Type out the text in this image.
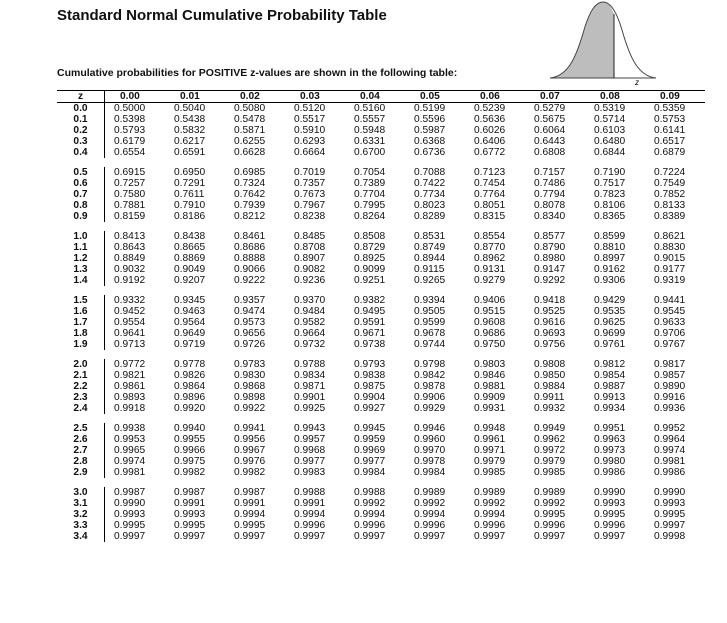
Standard Normal Cumulative Probability Table
z
Cumulative probabilities for POSITIVE z-values are shown in the following table:
z	0.00	0.01	0.02	0.03	0.04	0.05	0.06	0.07	0.08	0.09
0.0	0.5000	0.5040	0.5080	0.5120	0.5160	0.5199	0.5239	0.5279	0.5319	0.5359
0.1	0.5398	0.5438	0.5478	0.5517	0.5557	0.5596	0.5636	0.5675	0.5714	0.5753
0.2	0.5793	0.5832	0.5871	0.5910	0.5948	0.5987	0.6026	0.6064	0.6103	0.6141
0.3	0.6179	0.6217	0.6255	0.6293	0.6331	0.6368	0.6406	0.6443	0.6480	0.6517
0.4	0.6554	0.6591	0.6628	0.6664	0.6700	0.6736	0.6772	0.6808	0.6844	0.6879
0.5	0.6915	0.6950	0.6985	0.7019	0.7054	0.7088	0.7123	0.7157	0.7190	0.7224
0.6	0.7257	0.7291	0.7324	0.7357	0.7389	0.7422	0.7454	0.7486	0.7517	0.7549
0.7	0.7580	0.7611	0.7642	0.7673	0.7704	0.7734	0.7764	0.7794	0.7823	0.7852
0.8	0.7881	0.7910	0.7939	0.7967	0.7995	0.8023	0.8051	0.8078	0.8106	0.8133
0.9	0.8159	0.8186	0.8212	0.8238	0.8264	0.8289	0.8315	0.8340	0.8365	0.8389
1.0	0.8413	0.8438	0.8461	0.8485	0.8508	0.8531	0.8554	0.8577	0.8599	0.8621
1.1	0.8643	0.8665	0.8686	0.8708	0.8729	0.8749	0.8770	0.8790	0.8810	0.8830
1.2	0.8849	0.8869	0.8888	0.8907	0.8925	0.8944	0.8962	0.8980	0.8997	0.9015
1.3	0.9032	0.9049	0.9066	0.9082	0.9099	0.9115	0.9131	0.9147	0.9162	0.9177
1.4	0.9192	0.9207	0.9222	0.9236	0.9251	0.9265	0.9279	0.9292	0.9306	0.9319
1.5	0.9332	0.9345	0.9357	0.9370	0.9382	0.9394	0.9406	0.9418	0.9429	0.9441
1.6	0.9452	0.9463	0.9474	0.9484	0.9495	0.9505	0.9515	0.9525	0.9535	0.9545
1.7	0.9554	0.9564	0.9573	0.9582	0.9591	0.9599	0.9608	0.9616	0.9625	0.9633
1.8	0.9641	0.9649	0.9656	0.9664	0.9671	0.9678	0.9686	0.9693	0.9699	0.9706
1.9	0.9713	0.9719	0.9726	0.9732	0.9738	0.9744	0.9750	0.9756	0.9761	0.9767
2.0	0.9772	0.9778	0.9783	0.9788	0.9793	0.9798	0.9803	0.9808	0.9812	0.9817
2.1	0.9821	0.9826	0.9830	0.9834	0.9838	0.9842	0.9846	0.9850	0.9854	0.9857
2.2	0.9861	0.9864	0.9868	0.9871	0.9875	0.9878	0.9881	0.9884	0.9887	0.9890
2.3	0.9893	0.9896	0.9898	0.9901	0.9904	0.9906	0.9909	0.9911	0.9913	0.9916
2.4	0.9918	0.9920	0.9922	0.9925	0.9927	0.9929	0.9931	0.9932	0.9934	0.9936
2.5	0.9938	0.9940	0.9941	0.9943	0.9945	0.9946	0.9948	0.9949	0.9951	0.9952
2.6	0.9953	0.9955	0.9956	0.9957	0.9959	0.9960	0.9961	0.9962	0.9963	0.9964
2.7	0.9965	0.9966	0.9967	0.9968	0.9969	0.9970	0.9971	0.9972	0.9973	0.9974
2.8	0.9974	0.9975	0.9976	0.9977	0.9977	0.9978	0.9979	0.9979	0.9980	0.9981
2.9	0.9981	0.9982	0.9982	0.9983	0.9984	0.9984	0.9985	0.9985	0.9986	0.9986
3.0	0.9987	0.9987	0.9987	0.9988	0.9988	0.9989	0.9989	0.9989	0.9990	0.9990
3.1	0.9990	0.9991	0.9991	0.9991	0.9992	0.9992	0.9992	0.9992	0.9993	0.9993
3.2	0.9993	0.9993	0.9994	0.9994	0.9994	0.9994	0.9994	0.9995	0.9995	0.9995
3.3	0.9995	0.9995	0.9995	0.9996	0.9996	0.9996	0.9996	0.9996	0.9996	0.9997
3.4	0.9997	0.9997	0.9997	0.9997	0.9997	0.9997	0.9997	0.9997	0.9997	0.9998
